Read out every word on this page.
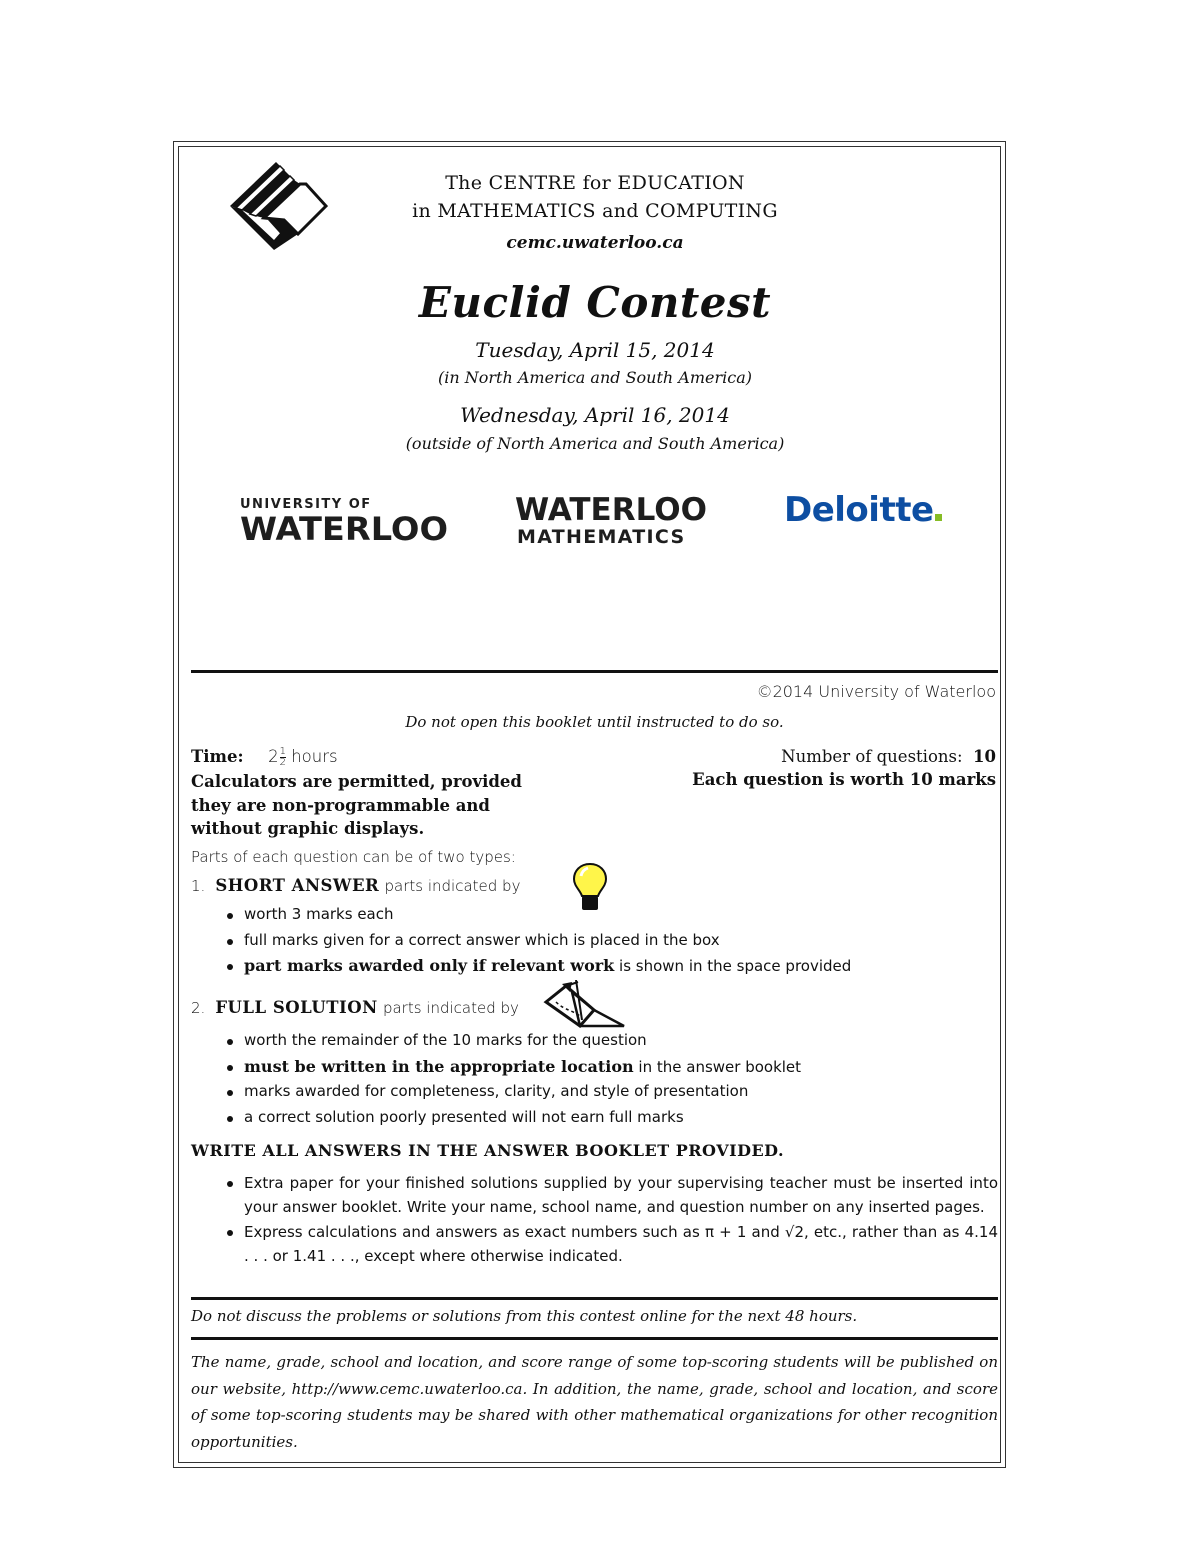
The CENTRE for EDUCATION
in MATHEMATICS and COMPUTING
cemc.uwaterloo.ca
Euclid Contest
Tuesday, April 15, 2014
(in North America and South America)
Wednesday, April 16, 2014
(outside of North America and South America)
UNIVERSITY OF
WATERLOO WATERLOO
MATHEMATICS
Deloitte
©2014 University of Waterloo
Do not open this booklet until instructed to do so.
Time: $2 \frac{1}{2}$ hours
Calculators are permitted, provided
they are non-programmable and
without graphic displays.
Number of questions: 10
Each question is worth 10 marks
Parts of each question can be of two types:
1. SHORT ANSWER parts indicated by
worth 3 marks each
full marks given for a correct answer which is placed in the box
part marks awarded only if relevant work is shown in the space provided
2. FULL SOLUTION parts indicated by
worth the remainder of the 10 marks for the question
must be written in the appropriate location in the answer booklet
marks awarded for completeness, clarity, and style of presentation
a correct solution poorly presented will not earn full marks
WRITE ALL ANSWERS IN THE ANSWER BOOKLET PROVIDED.
Extra paper for your finished solutions supplied by your supervising teacher must be inserted into your answer booklet. Write your name, school name, and question number on any inserted pages.
Express calculations and answers as exact numbers such as π + 1 and √2, etc., rather than as 4.14 . . . or 1.41 . . ., except where otherwise indicated.
Do not discuss the problems or solutions from this contest online for the next 48 hours.
The name, grade, school and location, and score range of some top-scoring students will be published on our website, http://www.cemc.uwaterloo.ca. In addition, the name, grade, school and location, and score of some top-scoring students may be shared with other mathematical organizations for other recognition opportunities.
